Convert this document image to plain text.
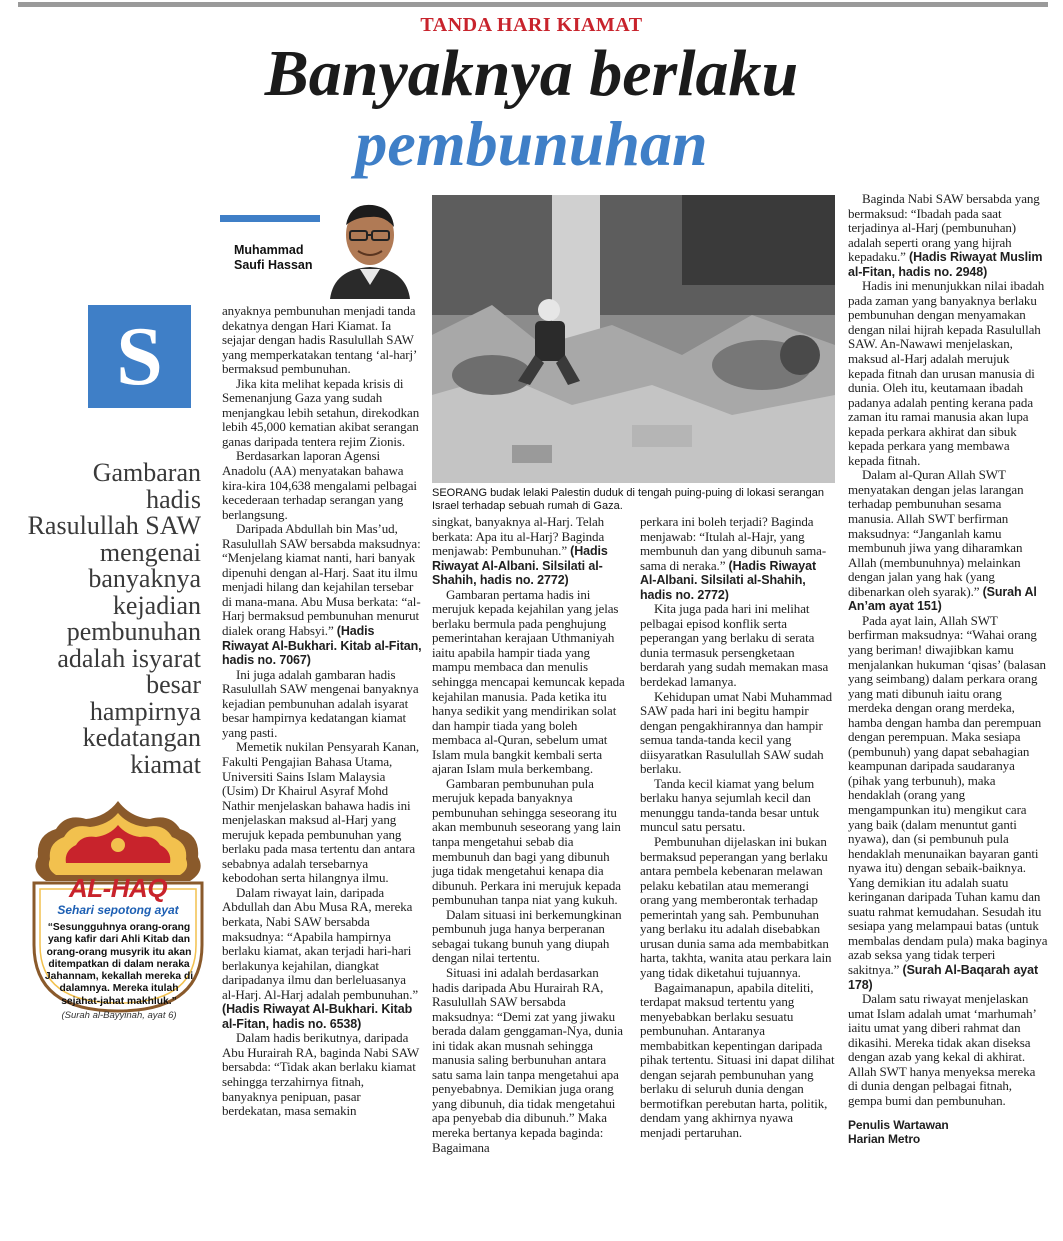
TANDA HARI KIAMAT
Banyaknya berlaku
pembunuhan
Muhammad
Saufi Hassan
S
Gambaran
hadis
Rasulullah SAW
mengenai
banyaknya
kejadian
pembunuhan
adalah isyarat
besar
hampirnya
kedatangan
kiamat
AL-HAQ
Sehari sepotong ayat
“Sesungguhnya orang-orang yang kafir dari Ahli Kitab dan orang-orang musyrik itu akan ditempatkan di dalam neraka Jahannam, kekallah mereka di dalamnya. Mereka itulah sejahat-jahat makhluk.”
(Surah al-Bayyinah, ayat 6)

anyaknya pembunuhan menjadi tanda dekatnya dengan Hari Kiamat. Ia sejajar dengan hadis Rasulullah SAW yang memperkatakan tentang ‘al-harj’ bermaksud pembunuhan.

Jika kita melihat kepada krisis di Semenanjung Gaza yang sudah menjangkau lebih setahun, direkodkan lebih 45,000 kematian akibat serangan ganas daripada tentera rejim Zionis.

Berdasarkan laporan Agensi Anadolu (AA) menyatakan bahawa kira-kira 104,638 mengalami pelbagai kecederaan terhadap serangan yang berlangsung.

Daripada Abdullah bin Mas’ud, Rasulullah SAW bersabda maksudnya: “Menjelang kiamat nanti, hari banyak dipenuhi dengan al-Harj. Saat itu ilmu menjadi hilang dan kejahilan tersebar di mana-mana. Abu Musa berkata: “al-Harj bermaksud pembunuhan menurut dialek orang Habsyi.” (Hadis Riwayat Al-Bukhari. Kitab al-Fitan, hadis no. 7067)

Ini juga adalah gambaran hadis Rasulullah SAW mengenai banyaknya kejadian pembunuhan adalah isyarat besar hampirnya kedatangan kiamat yang pasti.

Memetik nukilan Pensyarah Kanan, Fakulti Pengajian Bahasa Utama, Universiti Sains Islam Malaysia (Usim) Dr Khairul Asyraf Mohd Nathir menjelaskan bahawa hadis ini menjelaskan maksud al-Harj yang merujuk kepada pembunuhan yang berlaku pada masa tertentu dan antara sebabnya adalah tersebarnya kebodohan serta hilangnya ilmu.

Dalam riwayat lain, daripada Abdullah dan Abu Musa RA, mereka berkata, Nabi SAW bersabda maksudnya: “Apabila hampirnya berlaku kiamat, akan terjadi hari-hari berlakunya kejahilan, diangkat daripadanya ilmu dan berleluasanya al-Harj. Al-Harj adalah pembunuhan.” (Hadis Riwayat Al-Bukhari. Kitab al-Fitan, hadis no. 6538)

Dalam hadis berikutnya, daripada Abu Hurairah RA, baginda Nabi SAW bersabda: “Tidak akan berlaku kiamat sehingga terzahirnya fitnah, banyaknya penipuan, pasar berdekatan, masa semakin

SEORANG budak lelaki Palestin duduk di tengah puing-puing di lokasi serangan Israel terhadap sebuah rumah di Gaza.

singkat, banyaknya al-Harj. Telah berkata: Apa itu al-Harj? Baginda menjawab: Pembunuhan.” (Hadis Riwayat Al-Albani. Silsilati al-Shahih, hadis no. 2772)

Gambaran pertama hadis ini merujuk kepada kejahilan yang jelas berlaku bermula pada penghujung pemerintahan kerajaan Uthmaniyah iaitu apabila hampir tiada yang mampu membaca dan menulis sehingga mencapai kemuncak kepada kejahilan manusia. Pada ketika itu hanya sedikit yang mendirikan solat dan hampir tiada yang boleh membaca al-Quran, sebelum umat Islam mula bangkit kembali serta ajaran Islam mula berkembang.

Gambaran pembunuhan pula merujuk kepada banyaknya pembunuhan sehingga seseorang itu akan membunuh seseorang yang lain tanpa mengetahui sebab dia membunuh dan bagi yang dibunuh juga tidak mengetahui kenapa dia dibunuh. Perkara ini merujuk kepada pembunuhan tanpa niat yang kukuh.

Dalam situasi ini berkemungkinan pembunuh juga hanya berperanan sebagai tukang bunuh yang diupah dengan nilai tertentu.

Situasi ini adalah berdasarkan hadis daripada Abu Hurairah RA, Rasulullah SAW bersabda maksudnya: “Demi zat yang jiwaku berada dalam genggaman-Nya, dunia ini tidak akan musnah sehingga manusia saling berbunuhan antara satu sama lain tanpa mengetahui apa penyebabnya. Demikian juga orang yang dibunuh, dia tidak mengetahui apa penyebab dia dibunuh.” Maka mereka bertanya kepada baginda: Bagaimana

perkara ini boleh terjadi? Baginda menjawab: “Itulah al-Hajr, yang membunuh dan yang dibunuh sama-sama di neraka.” (Hadis Riwayat Al-Albani. Silsilati al-Shahih, hadis no. 2772)

Kita juga pada hari ini melihat pelbagai episod konflik serta peperangan yang berlaku di serata dunia termasuk persengketaan berdarah yang sudah memakan masa berdekad lamanya.

Kehidupan umat Nabi Muhammad SAW pada hari ini begitu hampir dengan pengakhirannya dan hampir semua tanda-tanda kecil yang diisyaratkan Rasulullah SAW sudah berlaku.

Tanda kecil kiamat yang belum berlaku hanya sejumlah kecil dan menunggu tanda-tanda besar untuk muncul satu persatu.

Pembunuhan dijelaskan ini bukan bermaksud peperangan yang berlaku antara pembela kebenaran melawan pelaku kebatilan atau memerangi orang yang memberontak terhadap pemerintah yang sah. Pembunuhan yang berlaku itu adalah disebabkan urusan dunia sama ada membabitkan harta, takhta, wanita atau perkara lain yang tidak diketahui tujuannya.

Bagaimanapun, apabila diteliti, terdapat maksud tertentu yang menyebabkan berlaku sesuatu pembunuhan. Antaranya membabitkan kepentingan daripada pihak tertentu. Situasi ini dapat dilihat dengan sejarah pembunuhan yang berlaku di seluruh dunia dengan bermotifkan perebutan harta, politik, dendam yang akhirnya nyawa menjadi pertaruhan.

Baginda Nabi SAW bersabda yang bermaksud: “Ibadah pada saat terjadinya al-Harj (pembunuhan) adalah seperti orang yang hijrah kepadaku.” (Hadis Riwayat Muslim al-Fitan, hadis no. 2948)

Hadis ini menunjukkan nilai ibadah pada zaman yang banyaknya berlaku pembunuhan dengan menyamakan dengan nilai hijrah kepada Rasulullah SAW. An-Nawawi menjelaskan, maksud al-Harj adalah merujuk kepada fitnah dan urusan manusia di dunia. Oleh itu, keutamaan ibadah padanya adalah penting kerana pada zaman itu ramai manusia akan lupa kepada perkara akhirat dan sibuk kepada perkara yang membawa kepada fitnah.

Dalam al-Quran Allah SWT menyatakan dengan jelas larangan terhadap pembunuhan sesama manusia. Allah SWT berfirman maksudnya: “Janganlah kamu membunuh jiwa yang diharamkan Allah (membunuhnya) melainkan dengan jalan yang hak (yang dibenarkan oleh syarak).” (Surah Al An’am ayat 151)

Pada ayat lain, Allah SWT berfirman maksudnya: “Wahai orang yang beriman! diwajibkan kamu menjalankan hukuman ‘qisas’ (balasan yang seimbang) dalam perkara orang yang mati dibunuh iaitu orang merdeka dengan orang merdeka, hamba dengan hamba dan perempuan dengan perempuan. Maka sesiapa (pembunuh) yang dapat sebahagian keampunan daripada saudaranya (pihak yang terbunuh), maka hendaklah (orang yang mengampunkan itu) mengikut cara yang baik (dalam menuntut ganti nyawa), dan (si pembunuh pula hendaklah menunaikan bayaran ganti nyawa itu) dengan sebaik-baiknya. Yang demikian itu adalah suatu keringanan daripada Tuhan kamu dan suatu rahmat kemudahan. Sesudah itu sesiapa yang melampaui batas (untuk membalas dendam pula) maka baginya azab seksa yang tidak terperi sakitnya.” (Surah Al-Baqarah ayat 178)

Dalam satu riwayat menjelaskan umat Islam adalah umat ‘marhumah’ iaitu umat yang diberi rahmat dan dikasihi. Mereka tidak akan diseksa dengan azab yang kekal di akhirat. Allah SWT hanya menyeksa mereka di dunia dengan pelbagai fitnah, gempa bumi dan pembunuhan.

Penulis Wartawan
Harian Metro
